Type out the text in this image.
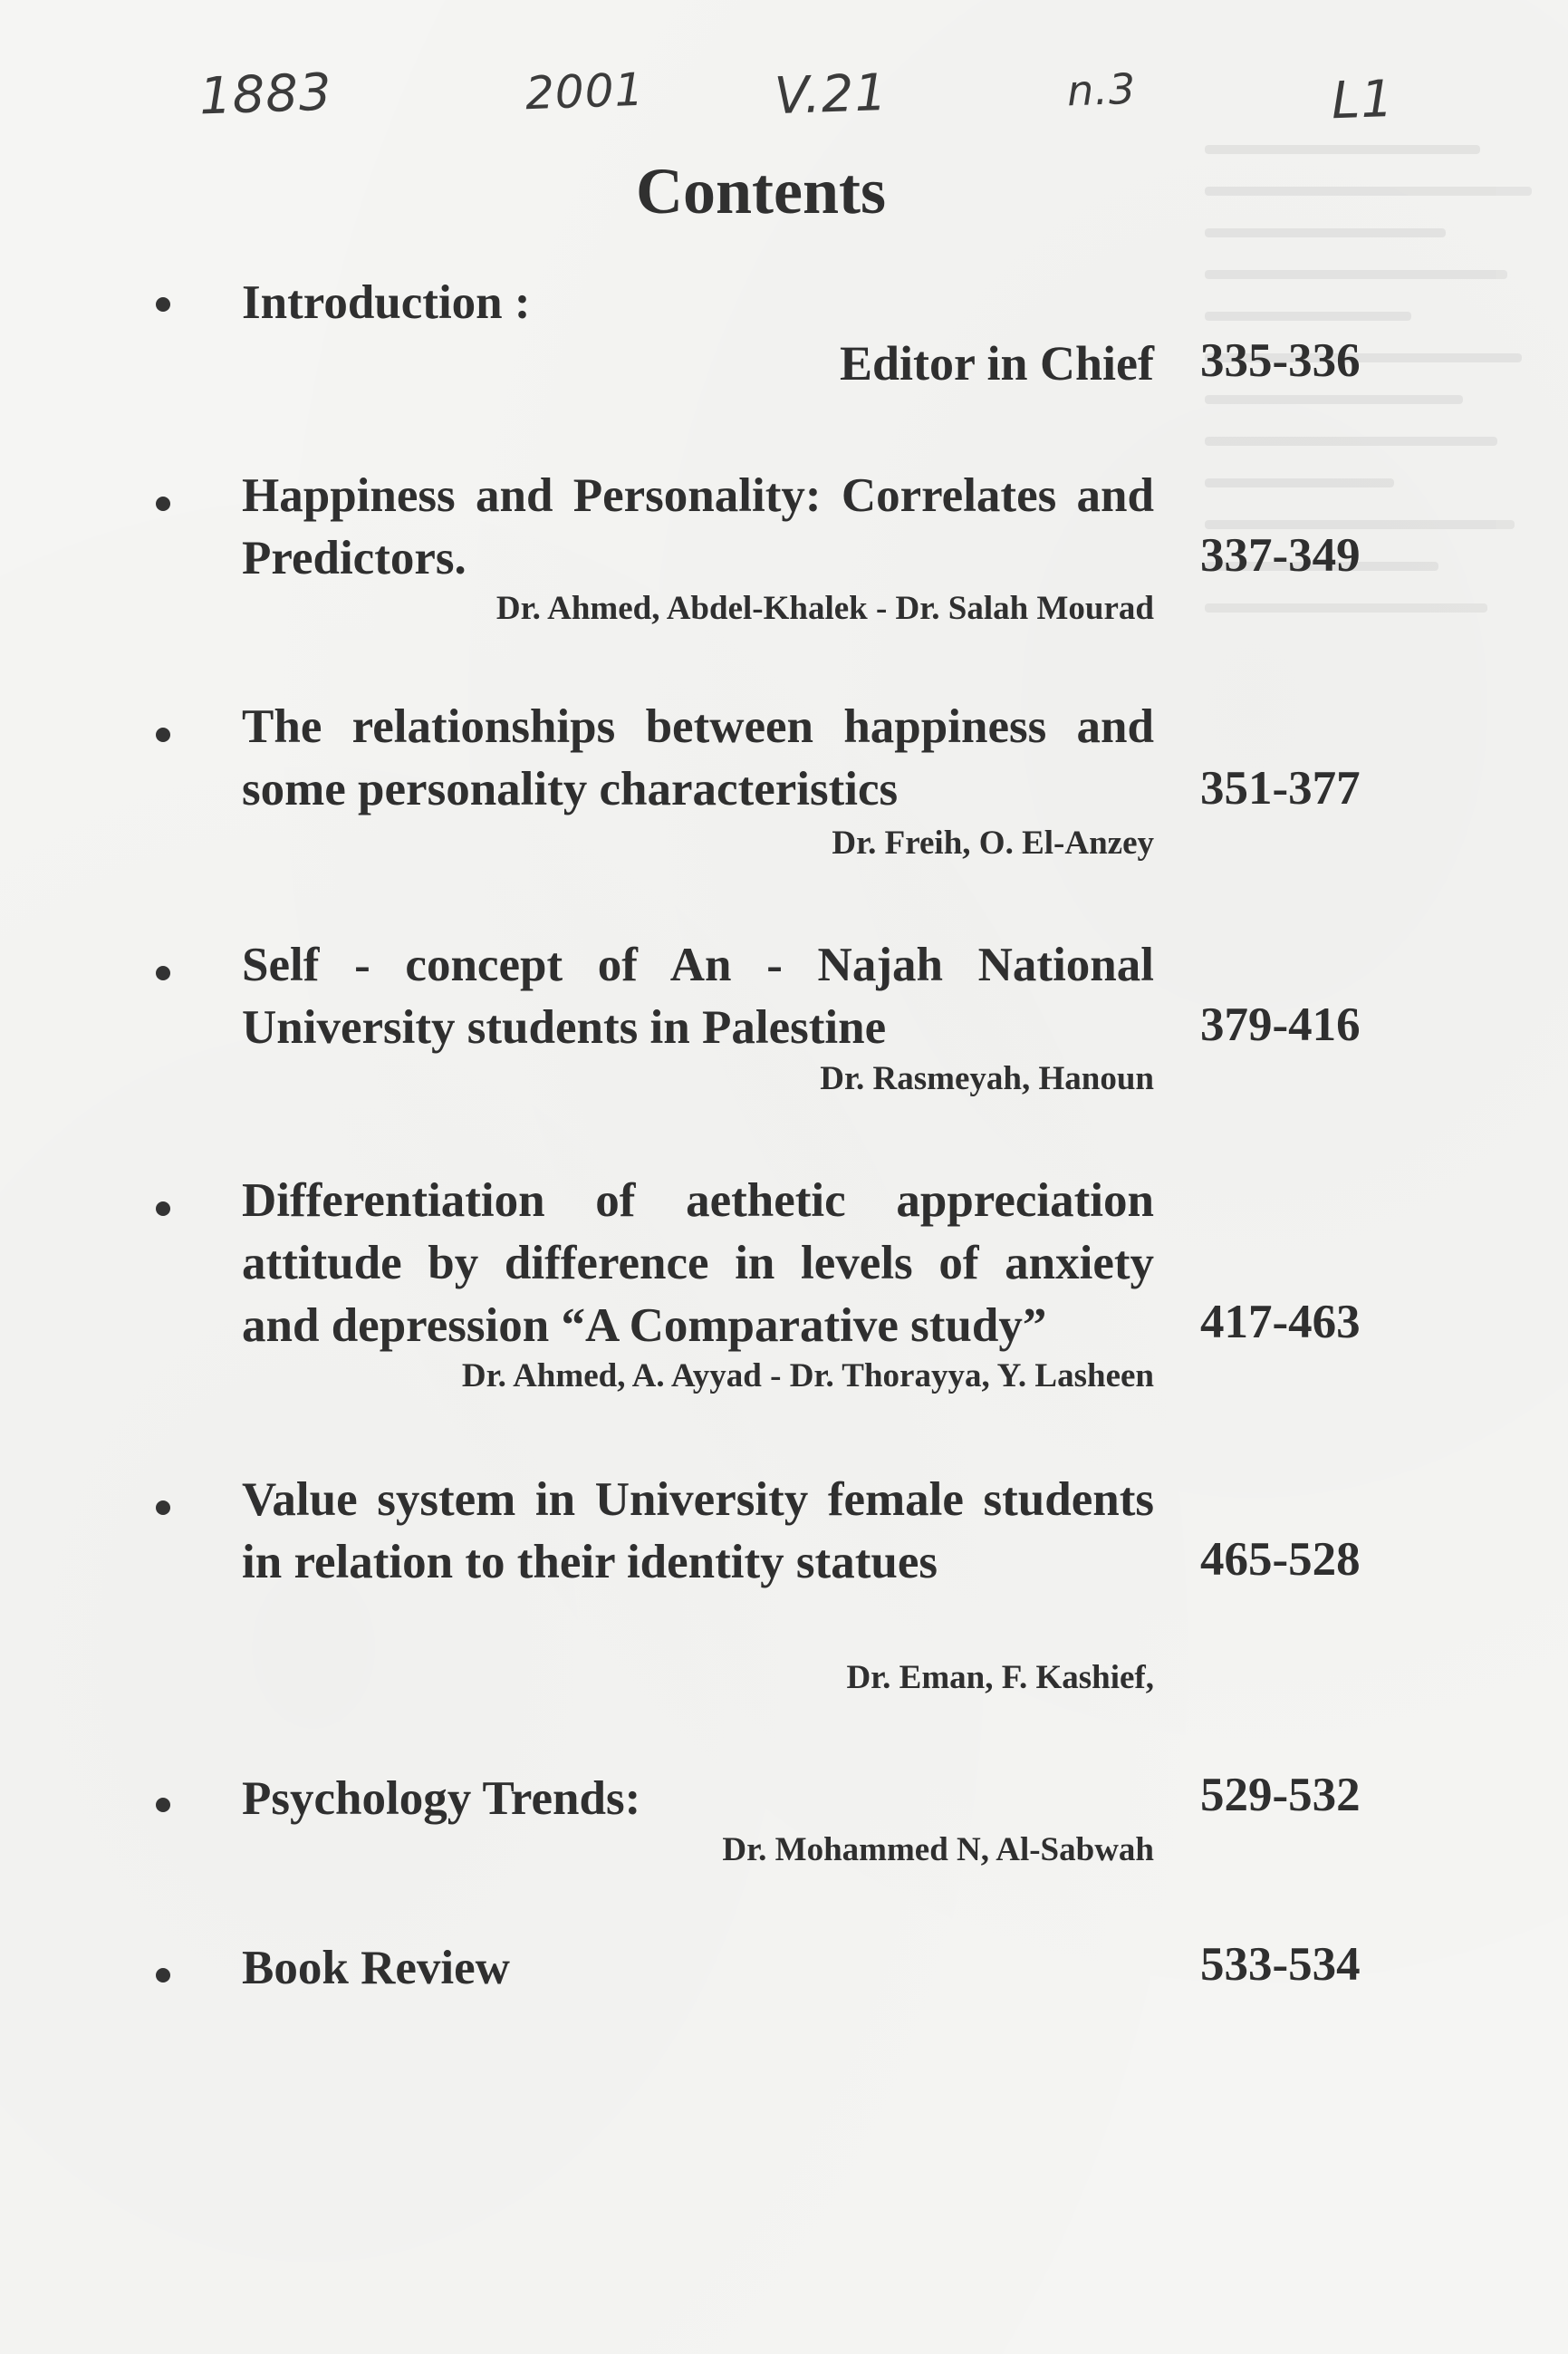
1883	2001	V.21	n.3	L1
Contents
Introduction :
Editor in Chief 335-336
Happiness and Personality: Correlates and Predictors.	337-349
Dr. Ahmed, Abdel-Khalek - Dr. Salah Mourad
The relationships between happiness and some personality characteristics	351-377
Dr. Freih, O. El-Anzey
Self - concept of An - Najah National University students in Palestine	379-416
Dr. Rasmeyah, Hanoun
Differentiation of aethetic appreciation attitude by difference in levels of anxiety and depression “A Comparative study”	417-463
Dr. Ahmed, A. Ayyad - Dr. Thorayya, Y. Lasheen
Value system in University female students in relation to their identity statues	465-528
Dr. Eman, F. Kashief,
Psychology Trends:	529-532
Dr. Mohammed N, Al-Sabwah
Book Review	533-534
